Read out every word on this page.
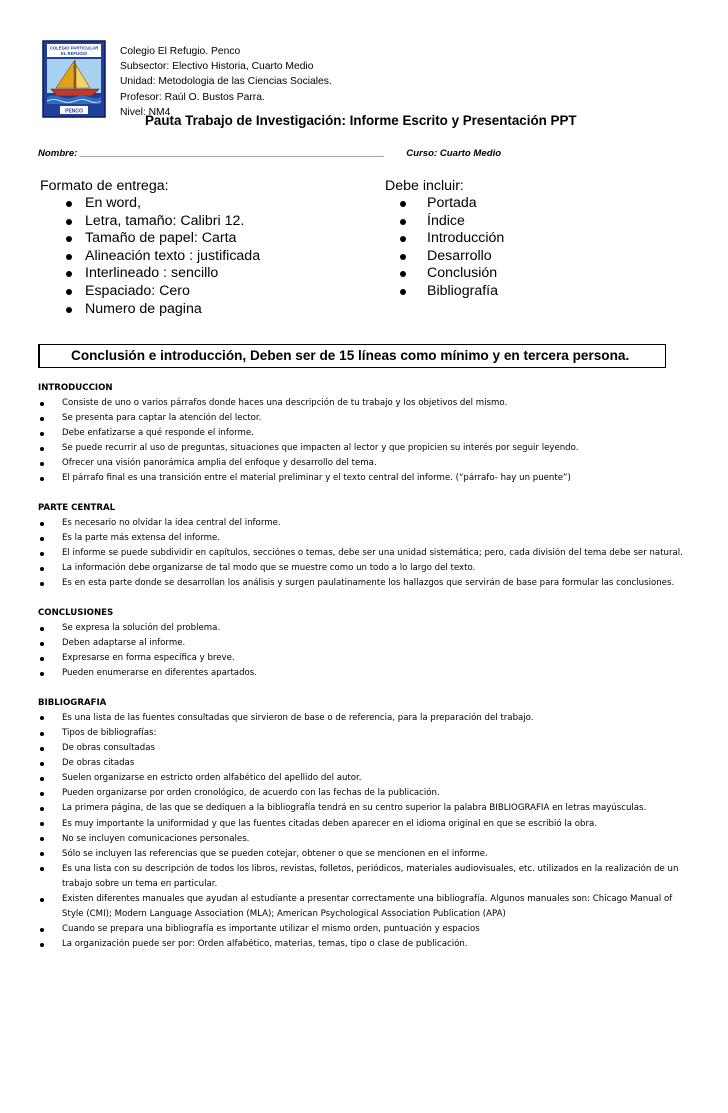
COLEGIO PARTICULAR
EL REFUGIO
PENCO
Colegio El Refugio. Penco
Subsector: Electivo Historia, Cuarto Medio
Unidad: Metodologia de las Ciencias Sociales.
Profesor: Raúl O. Bustos Parra.
Nivel: NM4
Pauta Trabajo de Investigación: Informe Escrito y Presentación PPT
Nombre: _________________________________________________________ Curso: Cuarto Medio
Formato de entrega:
En word,
Letra, tamaño: Calibri 12.
Tamaño de papel: Carta
Alineación texto : justificada
Interlineado : sencillo
Espaciado: Cero
Numero de pagina
Debe incluir:
Portada
Índice
Introducción
Desarrollo
Conclusión
Bibliografía
Conclusión e introducción, Deben ser de 15 líneas como mínimo y en tercera persona.
INTRODUCCION
Consiste de uno o varios párrafos donde haces una descripción de tu trabajo y los objetivos del mismo.
Se presenta para captar la atención del lector.
Debe enfatizarse a qué responde el informe.
Se puede recurrir al uso de preguntas, situaciones que impacten al lector y que propicien su interés por seguir leyendo.
Ofrecer una visión panorámica amplia del enfoque y desarrollo del tema.
El párrafo final es una transición entre el material preliminar y el texto central del informe. (“párrafo- hay un puente”)
PARTE CENTRAL
Es necesario no olvidar la idea central del informe.
Es la parte más extensa del informe.
El informe se puede subdividir en capítulos, secciónes o temas, debe ser una unidad sistemática; pero, cada división del tema debe ser natural.
La información debe organizarse de tal modo que se muestre como un todo a lo largo del texto.
Es en esta parte donde se desarrollan los análisis y surgen paulatinamente los hallazgos que servirán de base para formular las conclusiones.
CONCLUSIONES
Se expresa la solución del problema.
Deben adaptarse al informe.
Expresarse en forma específica y breve.
Pueden enumerarse en diferentes apartados.
BIBLIOGRAFIA
Es una lista de las fuentes consultadas que sirvieron de base o de referencia, para la preparación del trabajo.
Tipos de bibliografías:
De obras consultadas
De obras citadas
Suelen organizarse en estricto orden alfabético del apellido del autor.
Pueden organizarse por orden cronológico, de acuerdo con las fechas de la publicación.
La primera página, de las que se dediquen a la bibliografía tendrá en su centro superior la palabra BIBLIOGRAFIA en letras mayúsculas.
Es muy importante la uniformidad y que las fuentes citadas deben aparecer en el idioma original en que se escribió la obra.
No se incluyen comunicaciones personales.
Sólo se incluyen las referencias que se pueden cotejar, obtener o que se mencionen en el informe.
Es una lista con su descripción de todos los libros, revistas, folletos, periódicos, materiales audiovisuales, etc. utilizados en la realización de un trabajo sobre un tema en particular.
Existen diferentes manuales que ayudan al estudiante a presentar correctamente una bibliografía. Algunos manuales son: Chicago Manual of Style (CMI); Modern Language Association (MLA); American Psychological Association Publication (APA)
Cuando se prepara una bibliografía es importante utilizar el mismo orden, puntuación y espacios
La organización puede ser por: Orden alfabético, materias, temas, tipo o clase de publicación.
